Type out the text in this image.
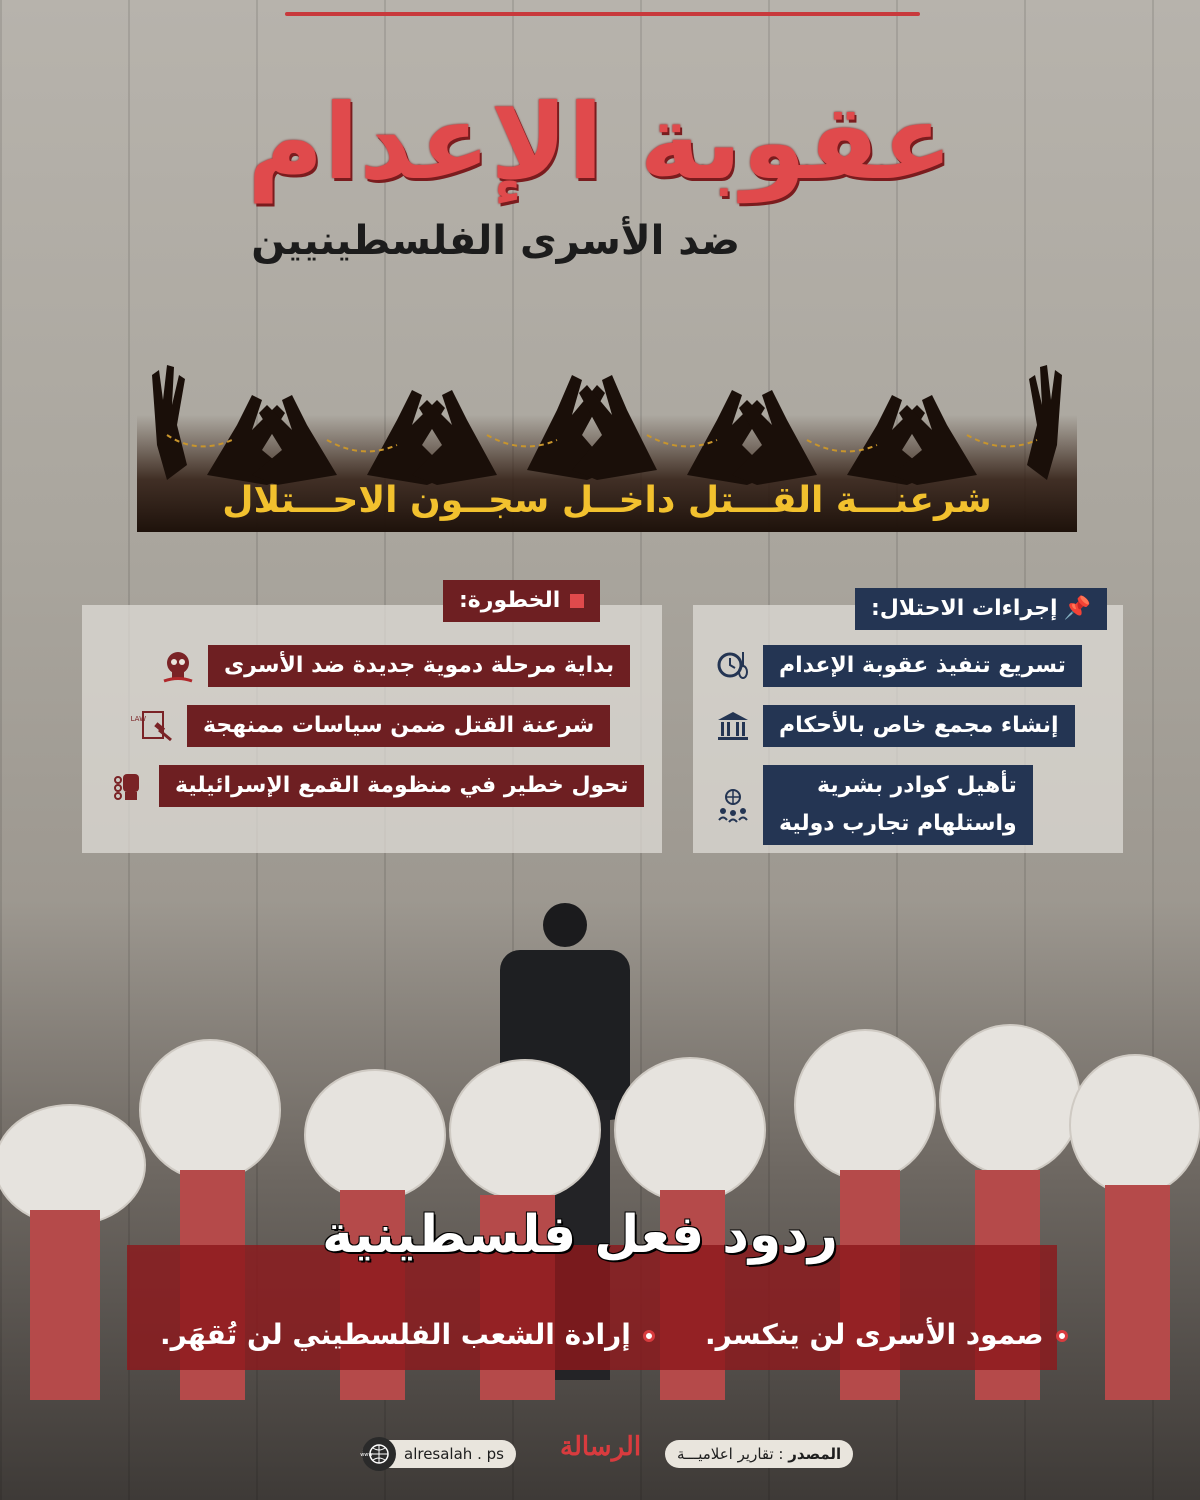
عقوبة الإعدام
ضد الأسرى الفلسطينيين
شرعنـــة القـــتل داخــل سجــون الاحـــتلال
الخطورة:
بداية مرحلة دموية جديدة ضد الأسرى
شرعنة القتل ضمن سياسات ممنهجة
LAW
تحول خطير في منظومة القمع الإسرائيلية
📌إجراءات الاحتلال:
تسريع تنفيذ عقوبة الإعدام
إنشاء مجمع خاص بالأحكام
تأهيل كوادر بشرية
واستلهام تجارب دولية
ردود فعل فلسطينية
صمود الأسرى لن ينكسر.
إرادة الشعب الفلسطيني لن تُقهَر.
المصدر : تقارير اعلاميـــة
الرسالة
alresalah . ps
www
